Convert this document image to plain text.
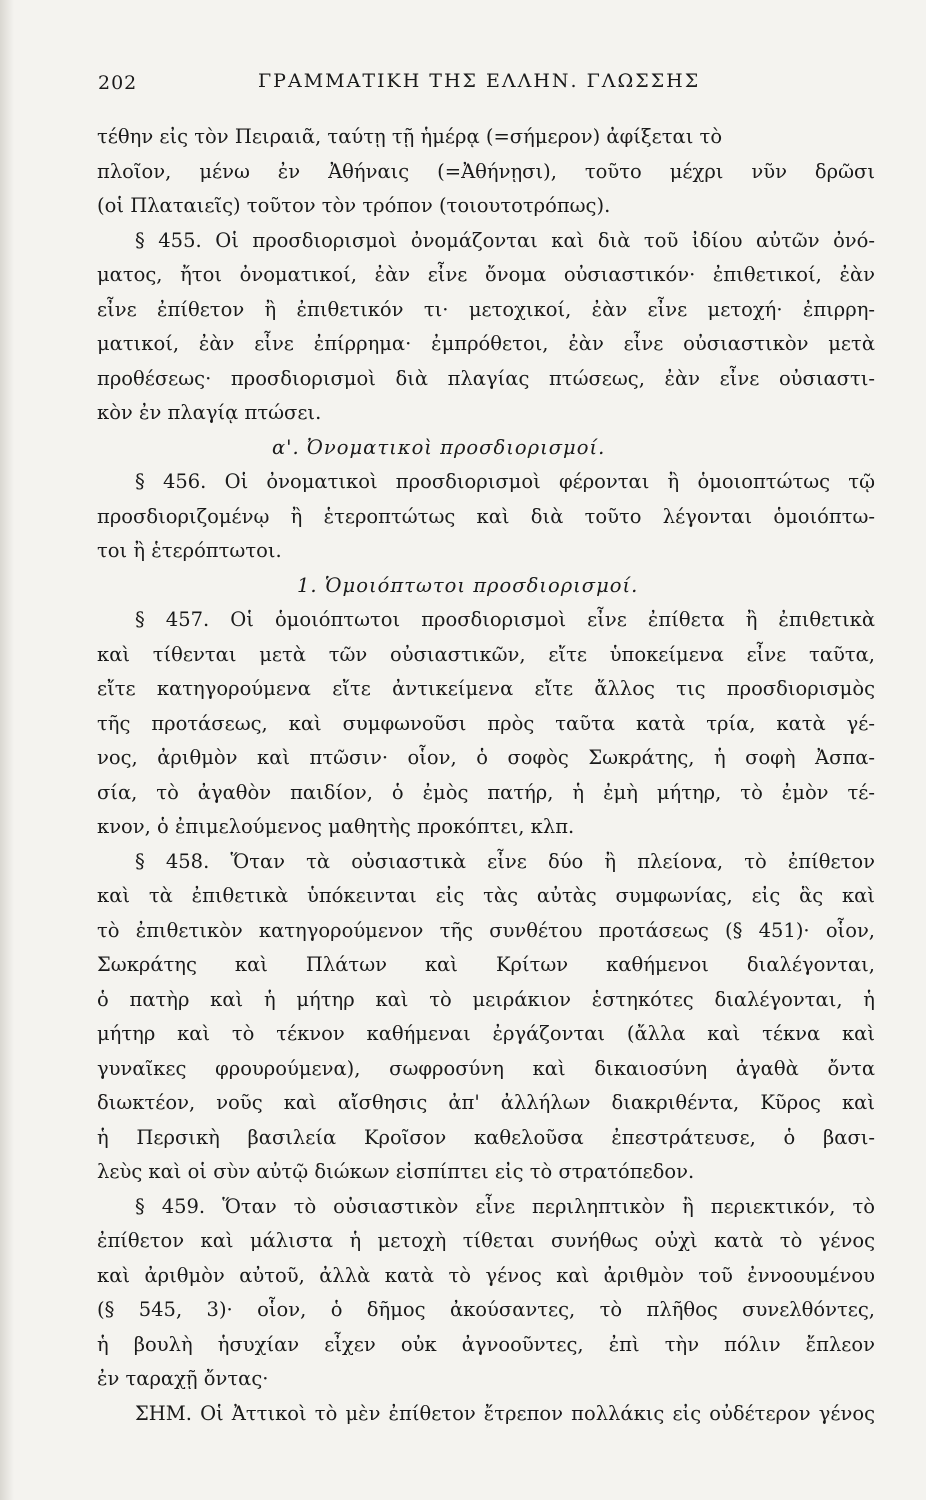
202	ΓΡΑΜΜΑΤΙΚΗ ΤΗΣ ΕΛΛΗΝ. ΓΛΩΣΣΗΣ
τέθην εἰς τὸν Πειραιᾶ, ταύτῃ τῇ ἡμέρᾳ (=σήμερον) ἀφίξεται τὸ
πλοῖον, μένω ἐν Ἀθήναις (=Ἀθήνῃσι), τοῦτο μέχρι νῦν δρῶσι
(οἱ Πλαταιεῖς) τοῦτον τὸν τρόπον (τοιουτοτρόπως).
§ 455. Οἱ προσδιορισμοὶ ὀνομάζονται καὶ διὰ τοῦ ἰδίου αὐτῶν ὀνό-
ματος, ἤτοι ὀνοματικοί, ἐὰν εἶνε ὄνομα οὐσιαστικόν· ἐπιθετικοί, ἐὰν
εἶνε ἐπίθετον ἢ ἐπιθετικόν τι· μετοχικοί, ἐὰν εἶνε μετοχή· ἐπιρρη-
ματικοί, ἐὰν εἶνε ἐπίρρημα· ἐμπρόθετοι, ἐὰν εἶνε οὐσιαστικὸν μετὰ
προθέσεως· προσδιορισμοὶ διὰ πλαγίας πτώσεως, ἐὰν εἶνε οὐσιαστι-
κὸν ἐν πλαγίᾳ πτώσει.
α'. Ὀνοματικοὶ προσδιορισμοί.
§ 456. Οἱ ὀνοματικοὶ προσδιορισμοὶ φέρονται ἢ ὁμοιοπτώτως τῷ
προσδιοριζομένῳ ἢ ἑτεροπτώτως καὶ διὰ τοῦτο λέγονται ὁμοιόπτω-
τοι ἢ ἑτερόπτωτοι.
1. Ὁμοιόπτωτοι προσδιορισμοί.
§ 457. Οἱ ὁμοιόπτωτοι προσδιορισμοὶ εἶνε ἐπίθετα ἢ ἐπιθετικὰ
καὶ τίθενται μετὰ τῶν οὐσιαστικῶν, εἴτε ὑποκείμενα εἶνε ταῦτα,
εἴτε κατηγορούμενα εἴτε ἀντικείμενα εἴτε ἄλλος τις προσδιορισμὸς
τῆς προτάσεως, καὶ συμφωνοῦσι πρὸς ταῦτα κατὰ τρία, κατὰ γέ-
νος, ἀριθμὸν καὶ πτῶσιν· οἷον, ὁ σοφὸς Σωκράτης, ἡ σοφὴ Ἀσπα-
σία, τὸ ἀγαθὸν παιδίον, ὁ ἐμὸς πατήρ, ἡ ἐμὴ μήτηρ, τὸ ἐμὸν τέ-
κνον, ὁ ἐπιμελούμενος μαθητὴς προκόπτει, κλπ.
§ 458. Ὅταν τὰ οὐσιαστικὰ εἶνε δύο ἢ πλείονα, τὸ ἐπίθετον
καὶ τὰ ἐπιθετικὰ ὑπόκεινται εἰς τὰς αὐτὰς συμφωνίας, εἰς ἃς καὶ
τὸ ἐπιθετικὸν κατηγορούμενον τῆς συνθέτου προτάσεως (§ 451)· οἷον,
Σωκράτης καὶ Πλάτων καὶ Κρίτων καθήμενοι διαλέγονται,
ὁ πατὴρ καὶ ἡ μήτηρ καὶ τὸ μειράκιον ἑστηκότες διαλέγονται, ἡ
μήτηρ καὶ τὸ τέκνον καθήμεναι ἐργάζονται (ἄλλα καὶ τέκνα καὶ
γυναῖκες φρουρούμενα), σωφροσύνη καὶ δικαιοσύνη ἀγαθὰ ὄντα
διωκτέον, νοῦς καὶ αἴσθησις ἀπ' ἀλλήλων διακριθέντα, Κῦρος καὶ
ἡ Περσικὴ βασιλεία Κροῖσον καθελοῦσα ἐπεστράτευσε, ὁ βασι-
λεὺς καὶ οἱ σὺν αὐτῷ διώκων εἰσπίπτει εἰς τὸ στρατόπεδον.
§ 459. Ὅταν τὸ οὐσιαστικὸν εἶνε περιληπτικὸν ἢ περιεκτικόν, τὸ
ἐπίθετον καὶ μάλιστα ἡ μετοχὴ τίθεται συνήθως οὐχὶ κατὰ τὸ γένος
καὶ ἀριθμὸν αὐτοῦ, ἀλλὰ κατὰ τὸ γένος καὶ ἀριθμὸν τοῦ ἐννοουμένου
(§ 545, 3)· οἷον, ὁ δῆμος ἀκούσαντες, τὸ πλῆθος συνελθόντες,
ἡ βουλὴ ἡσυχίαν εἶχεν οὐκ ἀγνοοῦντες, ἐπὶ τὴν πόλιν ἔπλεον
ἐν ταραχῇ ὄντας·
ΣΗΜ. Οἱ Ἀττικοὶ τὸ μὲν ἐπίθετον ἔτρεπον πολλάκις εἰς οὐδέτερον γένος
